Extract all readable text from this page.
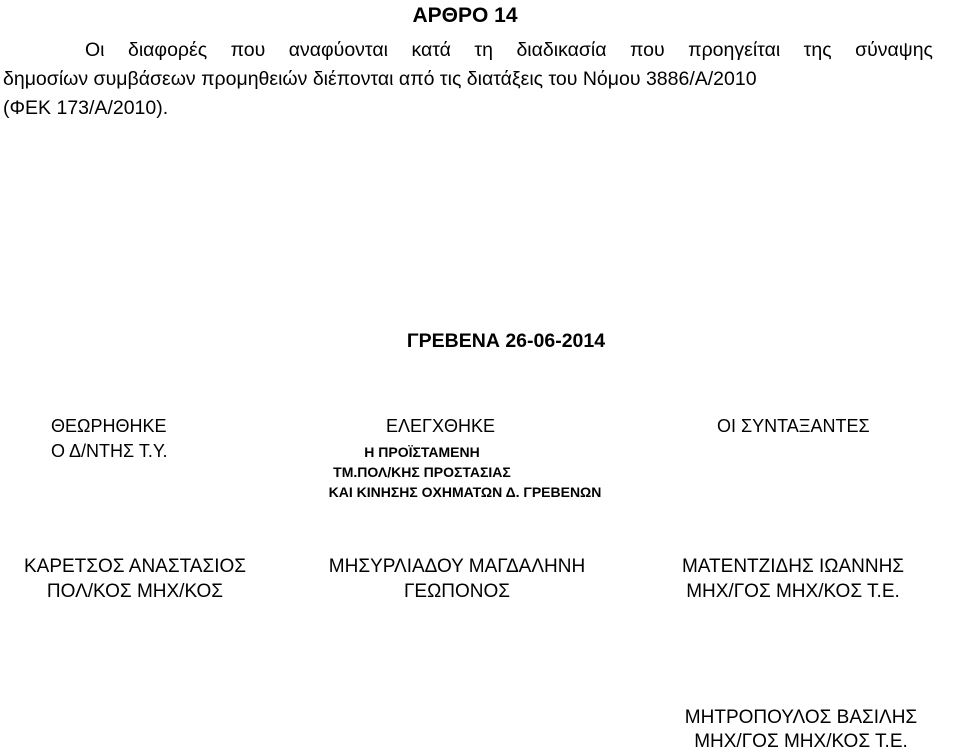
ΑΡΘΡΟ 14
Οι διαφορές που αναφύονται κατά τη διαδικασία που προηγείται της σύναψης
δημοσίων συμβάσεων προμηθειών διέπονται από τις διατάξεις του Νόμου 3886/Α/2010
(ΦΕΚ 173/Α/2010).
ΓΡΕΒΕΝΑ 26-06-2014
ΘΕΩΡΗΘΗΚΕ
Ο Δ/ΝΤΗΣ Τ.Υ.
ΕΛΕΓΧΘΗΚΕ
Η ΠΡΟΪΣΤΑΜΕΝΗ
ΤΜ.ΠΟΛ/ΚΗΣ ΠΡΟΣΤΑΣΙΑΣ
ΚΑΙ ΚΙΝΗΣΗΣ ΟΧΗΜΑΤΩΝ Δ. ΓΡΕΒΕΝΩΝ
ΟΙ ΣΥΝΤΑΞΑΝΤΕΣ
ΚΑΡΕΤΣΟΣ ΑΝΑΣΤΑΣΙΟΣ
ΠΟΛ/ΚΟΣ ΜΗΧ/ΚΟΣ
ΜΗΣΥΡΛΙΑΔΟΥ ΜΑΓΔΑΛΗΝΗ
ΓΕΩΠΟΝΟΣ
ΜΑΤΕΝΤΖΙΔΗΣ ΙΩΑΝΝΗΣ
ΜΗΧ/ΓΟΣ ΜΗΧ/ΚΟΣ Τ.Ε.
ΜΗΤΡΟΠΟΥΛΟΣ ΒΑΣΙΛΗΣ
ΜΗΧ/ΓΟΣ ΜΗΧ/ΚΟΣ Τ.Ε.
